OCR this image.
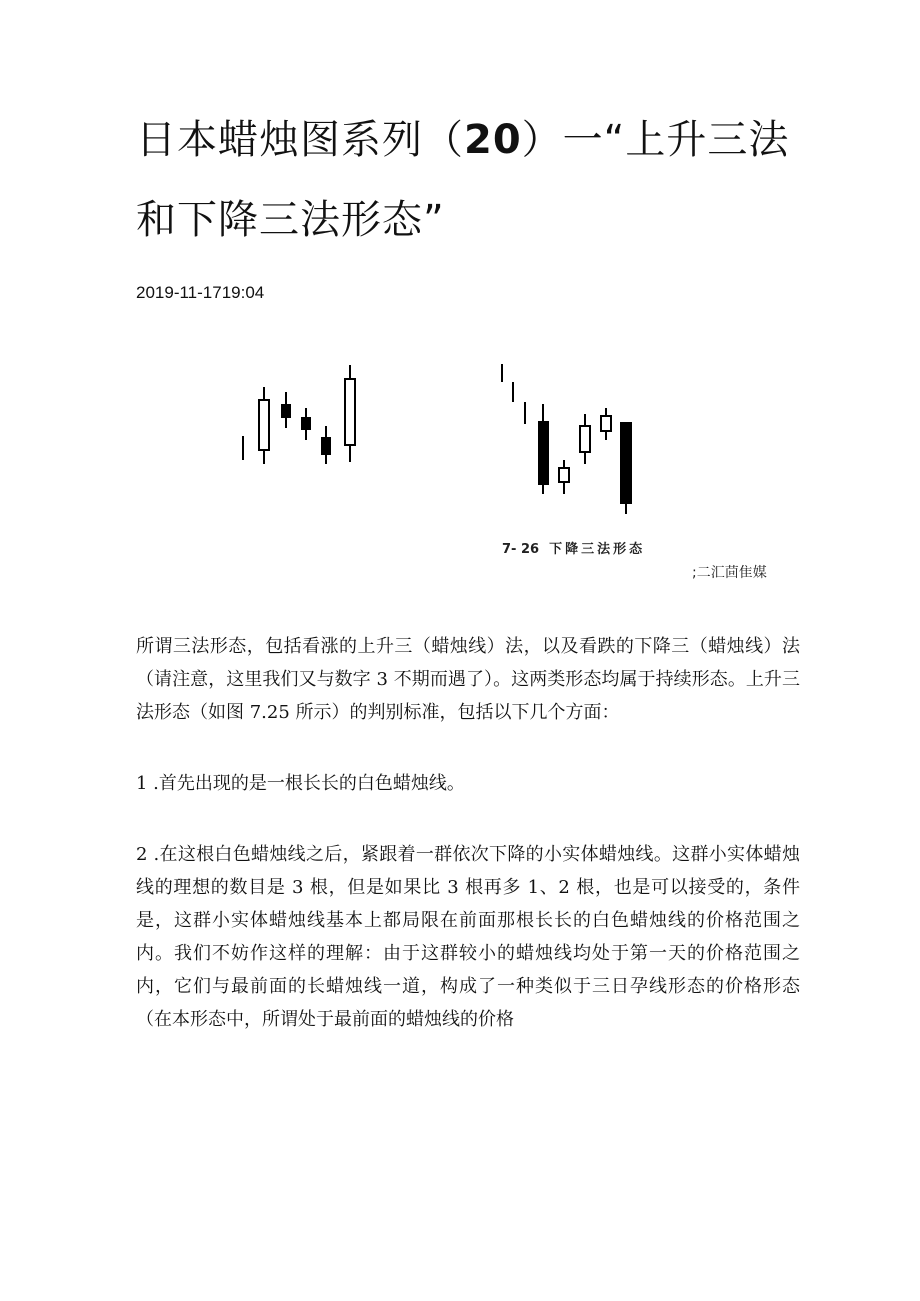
日本蜡烛图系列（20）一“上升三法
和下降三法形态”
2019-11-1719:04
7- 26 下降三法形态
;二汇茴隹媒

所谓三法形态，包括看涨的上升三（蜡烛线）法，以及看跌的下降三（蜡烛线）法（请注意，这里我们又与数字 3 不期而遇了）。这两类形态均属于持续形态。上升三法形态（如图 7.25 所示）的判别标准，包括以下几个方面：

1 .首先出现的是一根长长的白色蜡烛线。

2 .在这根白色蜡烛线之后，紧跟着一群依次下降的小实体蜡烛线。这群小实体蜡烛线的理想的数目是 3 根，但是如果比 3 根再多 1、2 根，也是可以接受的，条件是，这群小实体蜡烛线基本上都局限在前面那根长长的白色蜡烛线的价格范围之内。我们不妨作这样的理解：由于这群较小的蜡烛线均处于第一天的价格范围之内，它们与最前面的长蜡烛线一道，构成了一种类似于三日孕线形态的价格形态（在本形态中，所谓处于最前面的蜡烛线的价格
